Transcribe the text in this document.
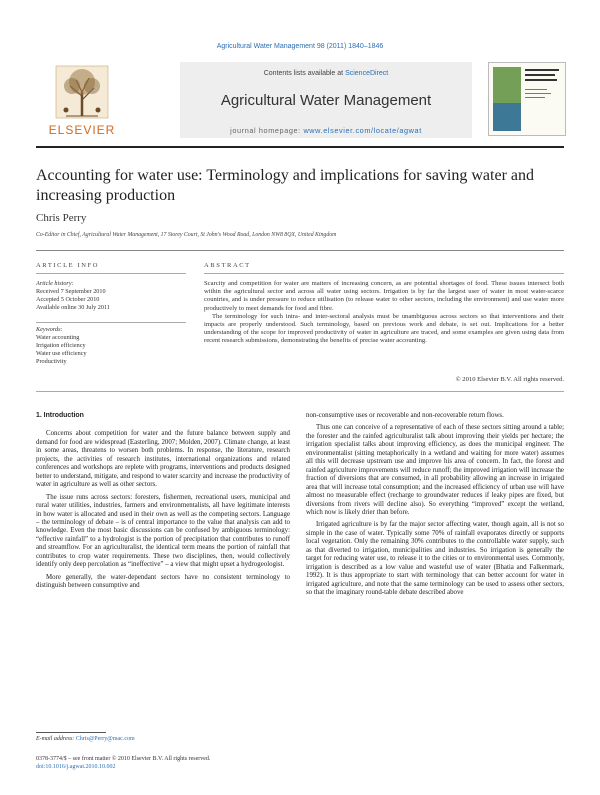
Agricultural Water Management 98 (2011) 1840–1846
Contents lists available at ScienceDirect
Agricultural Water Management
journal homepage: www.elsevier.com/locate/agwat
ELSEVIER
Accounting for water use: Terminology and implications for saving water and increasing production
Chris Perry
Co-Editor in Chief, Agricultural Water Management, 17 Storey Court, St John's Wood Road, London NW8 8QX, United Kingdom
ARTICLE INFO	ABSTRACT
Article history:
Received 7 September 2010
Accepted 5 October 2010
Available online 30 July 2011
Keywords:
Water accounting
Irrigation efficiency
Water use efficiency
Productivity

Scarcity and competition for water are matters of increasing concern, as are potential shortages of food. These issues intersect both within the agricultural sector and across all water using sectors. Irrigation is by far the largest user of water in most water-scarce countries, and is under pressure to reduce utilisation (to release water to other sectors, including the environment) and use water more productively to meet demands for food and fibre.

The terminology for such intra- and inter-sectoral analysis must be unambiguous across sectors so that interventions and their impacts are properly understood. Such terminology, based on previous work and debate, is set out. Implications for a better understanding of the scope for improved productivity of water in agriculture are traced, and some examples are given using data from recent research submissions, demonstrating the benefits of precise water accounting.

© 2010 Elsevier B.V. All rights reserved.
1. Introduction

Concerns about competition for water and the future balance between supply and demand for food are widespread (Easterling, 2007; Molden, 2007). Climate change, at least in some areas, threatens to worsen both problems. In response, the literature, research projects, the activities of research institutes, international organizations and related conferences and workshops are replete with programs, interventions and products designed better to understand, mitigate, and respond to water scarcity and increase the productivity of water in agriculture as well as other sectors.

The issue runs across sectors: foresters, fishermen, recreational users, municipal and rural water utilities, industries, farmers and environmentalists, all have legitimate interests in how water is allocated and used in their own as well as the competing sectors. Language – the terminology of debate – is of central importance to the value that analysis can add to knowledge. Even the most basic discussions can be confused by ambiguous terminology: “effective rainfall” to a hydrologist is the portion of precipitation that contributes to runoff and streamflow. For an agriculturalist, the identical term means the portion of rainfall that contributes to crop water requirements. These two disciplines, then, would collectively identify only deep percolation as “ineffective” – a view that might upset a hydrogeologist.

More generally, the water-dependant sectors have no consistent terminology to distinguish between consumptive and

non-consumptive uses or recoverable and non-recoverable return flows.

Thus one can conceive of a representative of each of these sectors sitting around a table; the forester and the rainfed agriculturalist talk about improving their yields per hectare; the irrigation specialist talks about improving efficiency, as does the municipal engineer. The environmentalist (sitting metaphorically in a wetland and waiting for more water) assumes all this will decrease upstream use and improve his area of concern. In fact, the forest and rainfed agriculture improvements will reduce runoff; the improved irrigation will increase the fraction of diversions that are consumed, in all probability allowing an increase in irrigated area that will increase total consumption; and the increased efficiency of urban use will have almost no measurable effect (recharge to groundwater reduces if leaky pipes are fixed, but diversions from rivers will decline also). So everything “improved” except the wetland, which now is likely drier than before.

Irrigated agriculture is by far the major sector affecting water, though again, all is not so simple in the case of water. Typically some 70% of rainfall evaporates directly or supports local vegetation. Only the remaining 30% contributes to the controllable water supply, such as that diverted to irrigation, municipalities and industries. So irrigation is generally the target for reducing water use, to release it to the cities or to environmental uses. Commonly, irrigation is described as a low value and wasteful use of water (Bhatia and Falkenmark, 1992). It is thus appropriate to start with terminology that can better account for water in irrigated agriculture, and note that the same terminology can be used to assess other sectors, so that the imaginary round-table debate described above

E-mail address: Chris@Perry@mac.com
0378-3774/$ – see front matter © 2010 Elsevier B.V. All rights reserved.
doi:10.1016/j.agwat.2010.10.002
